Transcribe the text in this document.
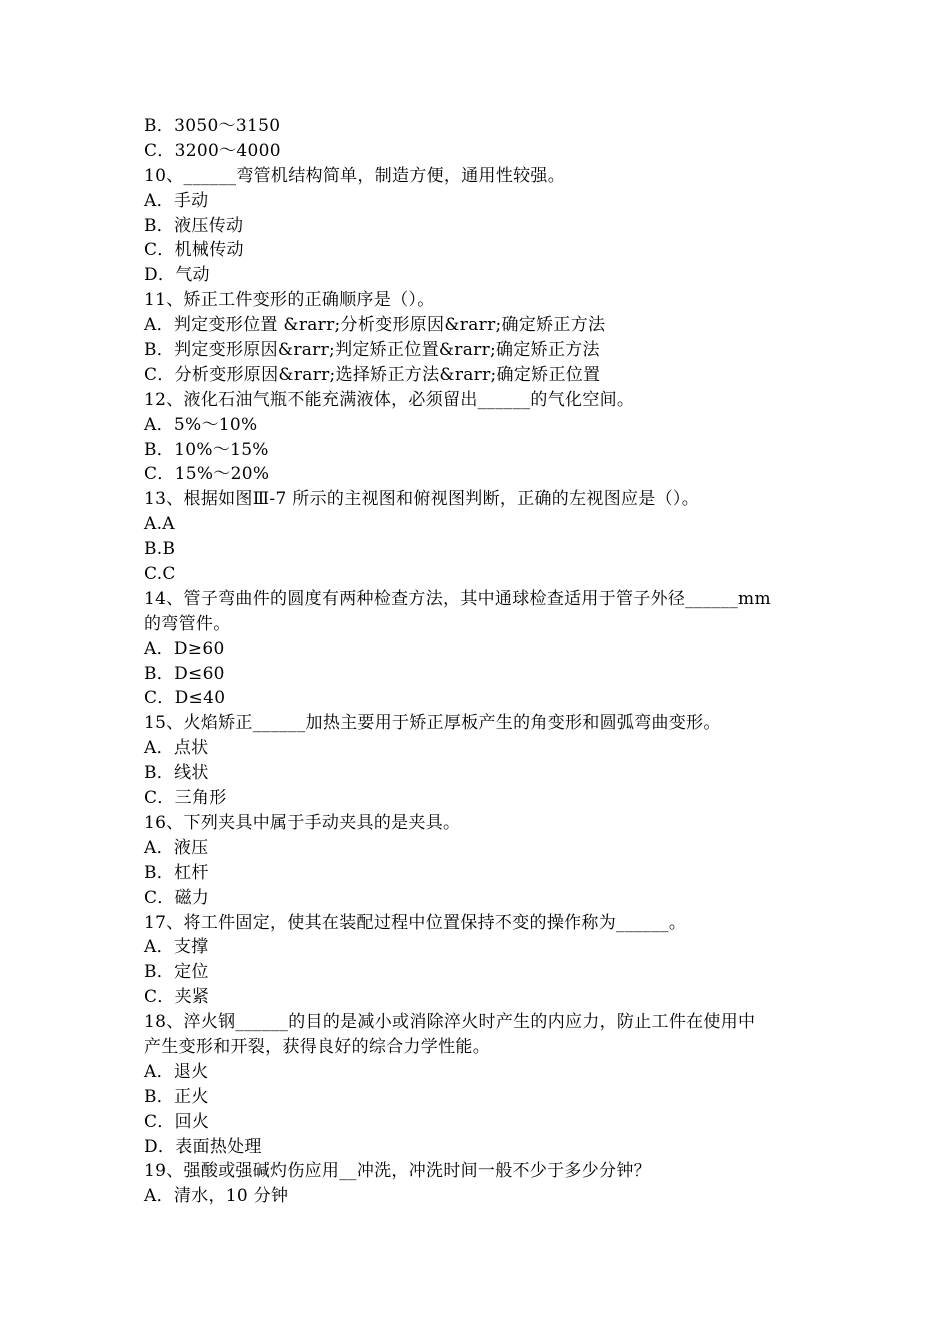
B．3050～3150
C．3200～4000
10、______弯管机结构简单，制造方便，通用性较强。
A．手动
B．液压传动
C．机械传动
D．气动
11、矫正工件变形的正确顺序是（）。
A．判定变形位置 &rarr;分析变形原因&rarr;确定矫正方法
B．判定变形原因&rarr;判定矫正位置&rarr;确定矫正方法
C．分析变形原因&rarr;选择矫正方法&rarr;确定矫正位置
12、液化石油气瓶不能充满液体，必须留出______的气化空间。
A．5%～10%
B．10%～15%
C．15%～20%
13、根据如图Ⅲ-7 所示的主视图和俯视图判断，正确的左视图应是（）。
A.A
B.B
C.C
14、管子弯曲件的圆度有两种检查方法，其中通球检查适用于管子外径______mm
的弯管件。
A．D≥60
B．D≤60
C．D≤40
15、火焰矫正______加热主要用于矫正厚板产生的角变形和圆弧弯曲变形。
A．点状
B．线状
C．三角形
16、下列夹具中属于手动夹具的是夹具。
A．液压
B．杠杆
C．磁力
17、将工件固定，使其在装配过程中位置保持不变的操作称为______。
A．支撑
B．定位
C．夹紧
18、淬火钢______的目的是减小或消除淬火时产生的内应力，防止工件在使用中
产生变形和开裂，获得良好的综合力学性能。
A．退火
B．正火
C．回火
D．表面热处理
19、强酸或强碱灼伤应用__冲洗，冲洗时间一般不少于多少分钟？
A．清水，10 分钟
